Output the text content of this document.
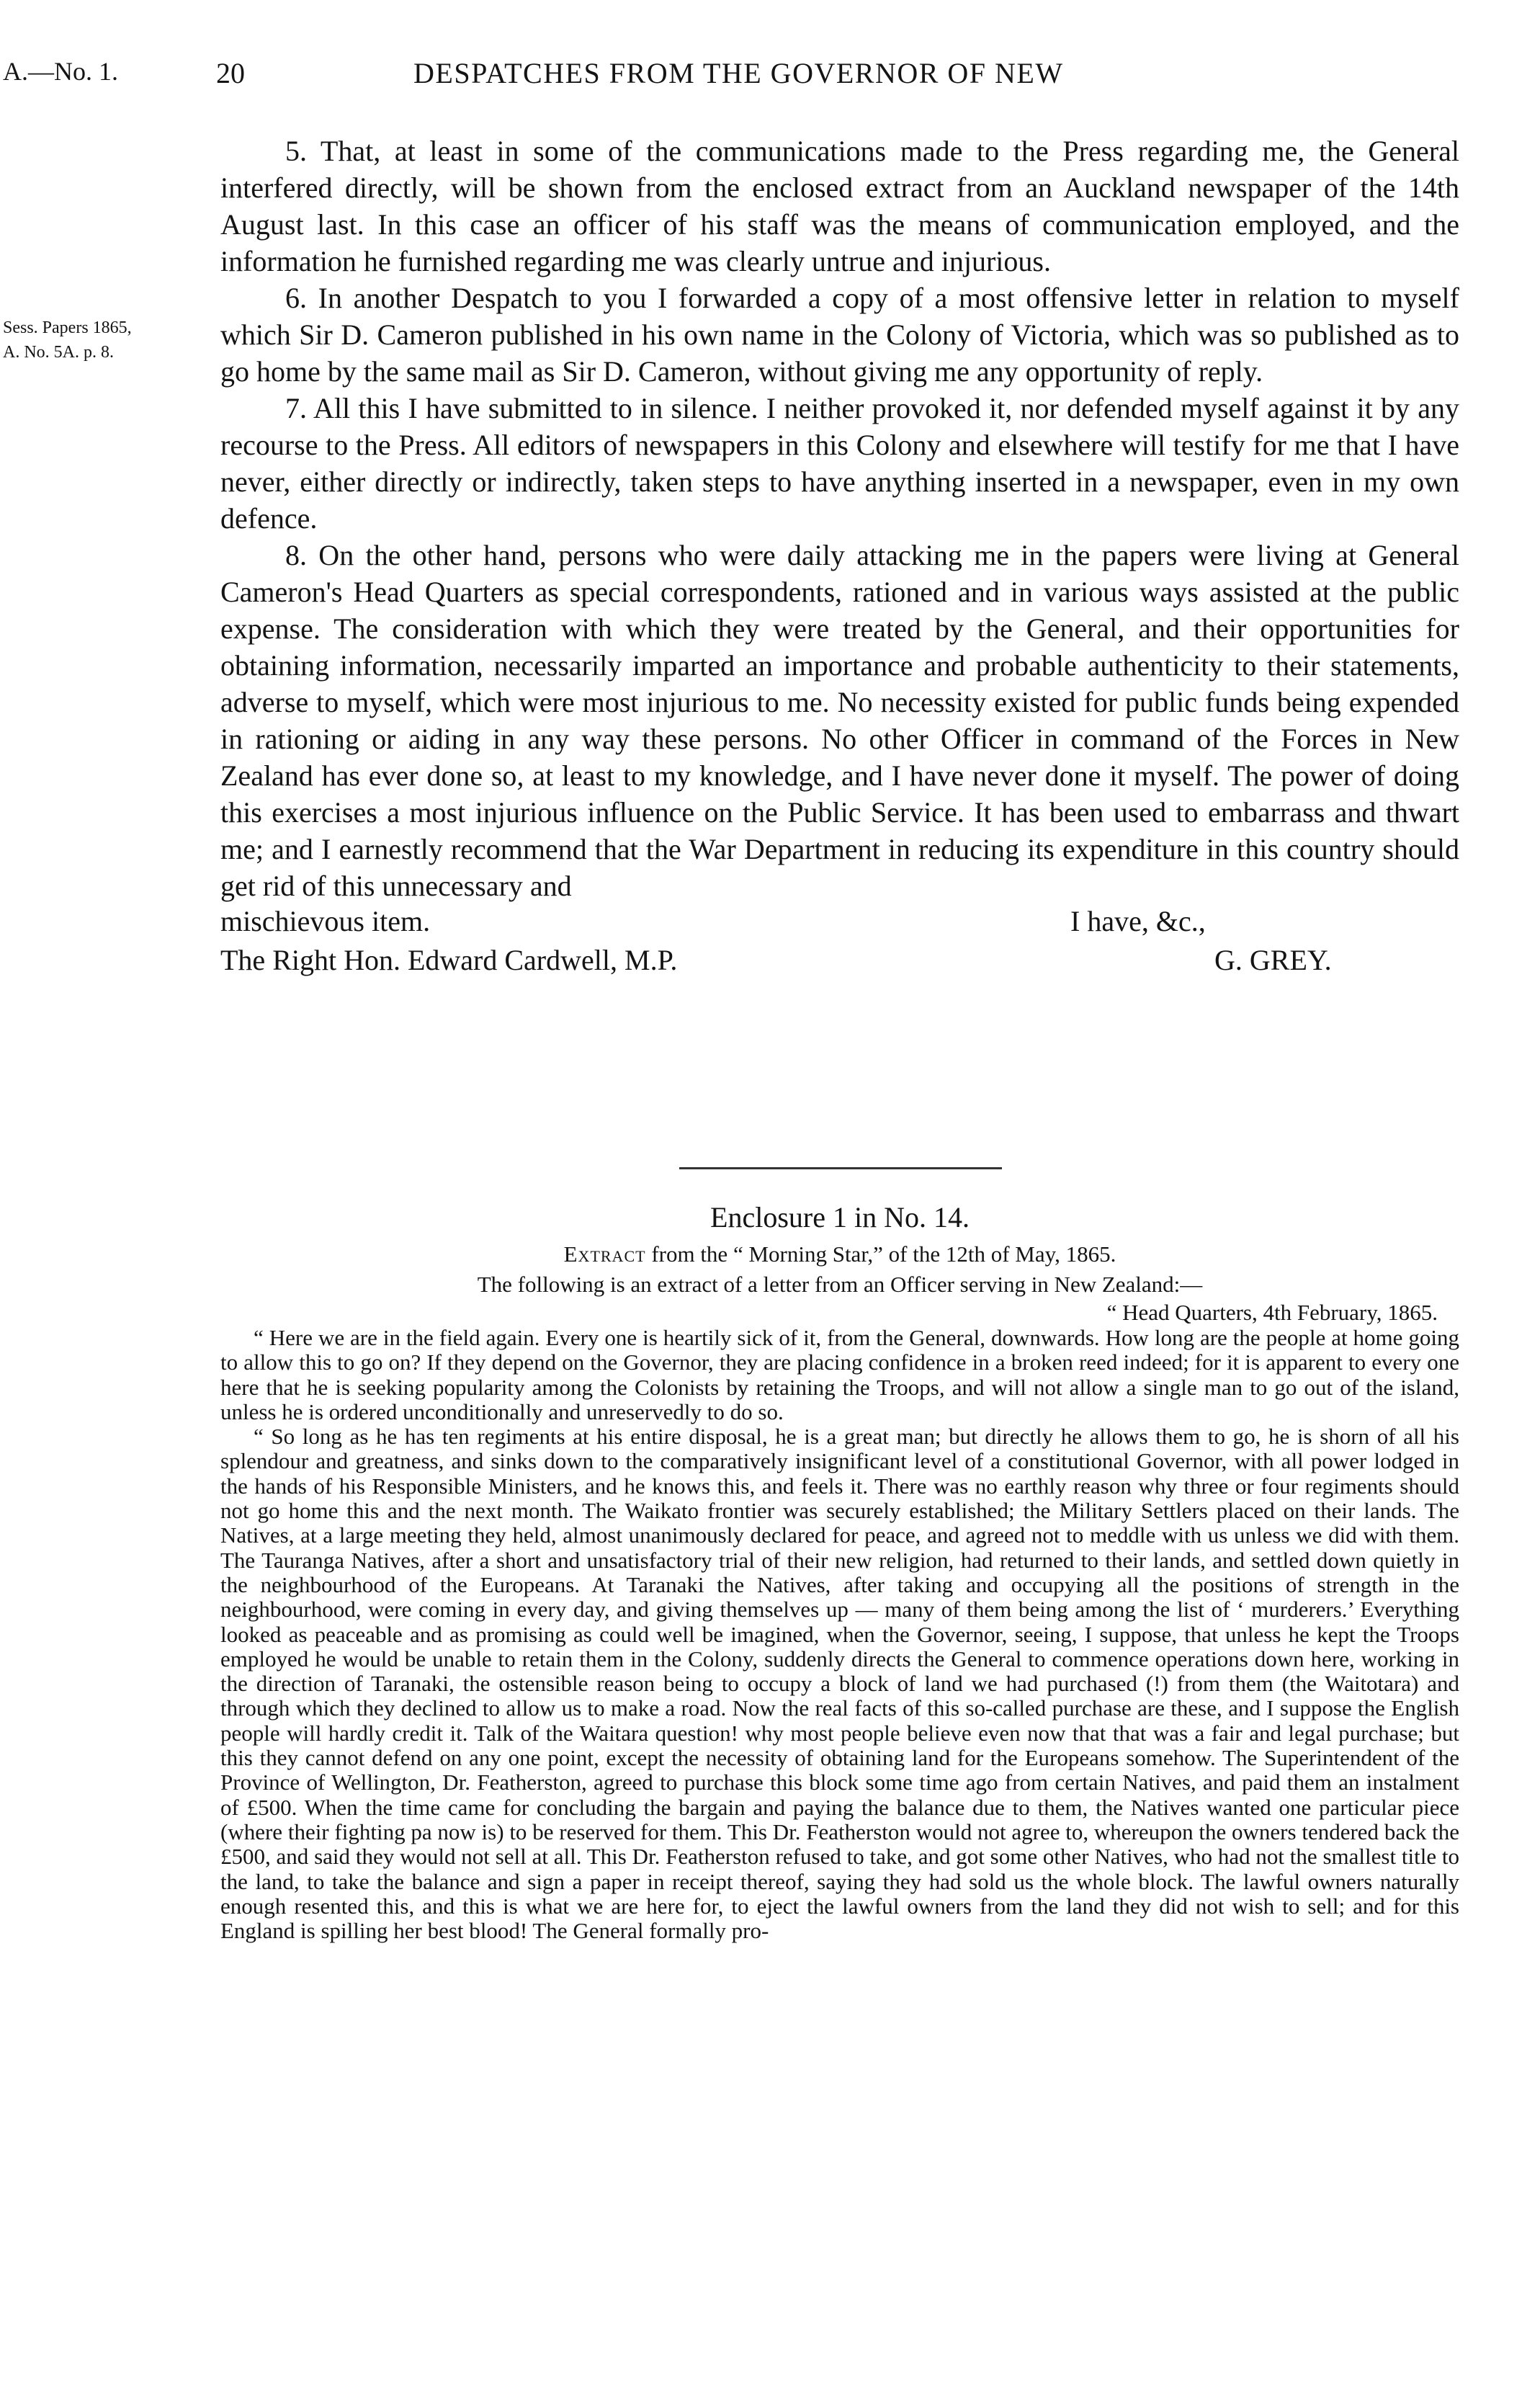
A.—No. 1.	20	DESPATCHES FROM THE GOVERNOR OF NEW
Sess. Papers 1865,
A. No. 5A. p. 8.

5. That, at least in some of the communications made to the Press regarding me, the General interfered directly, will be shown from the enclosed extract from an Auckland newspaper of the 14th August last. In this case an officer of his staff was the means of communication employed, and the information he furnished regarding me was clearly untrue and injurious.

6. In another Despatch to you I forwarded a copy of a most offensive letter in relation to myself which Sir D. Cameron published in his own name in the Colony of Victoria, which was so published as to go home by the same mail as Sir D. Cameron, without giving me any opportunity of reply.

7. All this I have submitted to in silence. I neither provoked it, nor defended myself against it by any recourse to the Press. All editors of newspapers in this Colony and elsewhere will testify for me that I have never, either directly or indirectly, taken steps to have anything inserted in a newspaper, even in my own defence.

8. On the other hand, persons who were daily attacking me in the papers were living at General Cameron's Head Quarters as special correspondents, rationed and in various ways assisted at the public expense. The consideration with which they were treated by the General, and their opportunities for obtaining information, necessarily imparted an importance and probable authenticity to their statements, adverse to myself, which were most injurious to me. No necessity existed for public funds being expended in rationing or aiding in any way these persons. No other Officer in command of the Forces in New Zealand has ever done so, at least to my knowledge, and I have never done it myself. The power of doing this exercises a most injurious influence on the Public Service. It has been used to embarrass and thwart me; and I earnestly recommend that the War Department in reducing its expenditure in this country should get rid of this unnecessary and

mischievous item.	I have, &c.,
The Right Hon. Edward Cardwell, M.P.	G. GREY.

Enclosure 1 in No. 14.

Extract from the “ Morning Star,” of the 12th of May, 1865.

The following is an extract of a letter from an Officer serving in New Zealand:—

“ Head Quarters, 4th February, 1865.

“ Here we are in the field again. Every one is heartily sick of it, from the General, downwards. How long are the people at home going to allow this to go on? If they depend on the Governor, they are placing confidence in a broken reed indeed; for it is apparent to every one here that he is seeking popularity among the Colonists by retaining the Troops, and will not allow a single man to go out of the island, unless he is ordered unconditionally and unreservedly to do so.

“ So long as he has ten regiments at his entire disposal, he is a great man; but directly he allows them to go, he is shorn of all his splendour and greatness, and sinks down to the comparatively insignificant level of a constitutional Governor, with all power lodged in the hands of his Responsible Ministers, and he knows this, and feels it. There was no earthly reason why three or four regiments should not go home this and the next month. The Waikato frontier was securely established; the Military Settlers placed on their lands. The Natives, at a large meeting they held, almost unanimously declared for peace, and agreed not to meddle with us unless we did with them. The Tauranga Natives, after a short and unsatisfactory trial of their new religion, had returned to their lands, and settled down quietly in the neighbourhood of the Europeans. At Taranaki the Natives, after taking and occupying all the positions of strength in the neighbourhood, were coming in every day, and giving themselves up — many of them being among the list of ‘ murderers.’ Everything looked as peaceable and as promising as could well be imagined, when the Governor, seeing, I suppose, that unless he kept the Troops employed he would be unable to retain them in the Colony, suddenly directs the General to commence operations down here, working in the direction of Taranaki, the ostensible reason being to occupy a block of land we had purchased (!) from them (the Waitotara) and through which they declined to allow us to make a road. Now the real facts of this so-called purchase are these, and I suppose the English people will hardly credit it. Talk of the Waitara question! why most people believe even now that that was a fair and legal purchase; but this they cannot defend on any one point, except the necessity of obtaining land for the Europeans somehow. The Superintendent of the Province of Wellington, Dr. Featherston, agreed to purchase this block some time ago from certain Natives, and paid them an instalment of £500. When the time came for concluding the bargain and paying the balance due to them, the Natives wanted one particular piece (where their fighting pa now is) to be reserved for them. This Dr. Featherston would not agree to, whereupon the owners tendered back the £500, and said they would not sell at all. This Dr. Featherston refused to take, and got some other Natives, who had not the smallest title to the land, to take the balance and sign a paper in receipt thereof, saying they had sold us the whole block. The lawful owners naturally enough resented this, and this is what we are here for, to eject the lawful owners from the land they did not wish to sell; and for this England is spilling her best blood! The General formally pro-
